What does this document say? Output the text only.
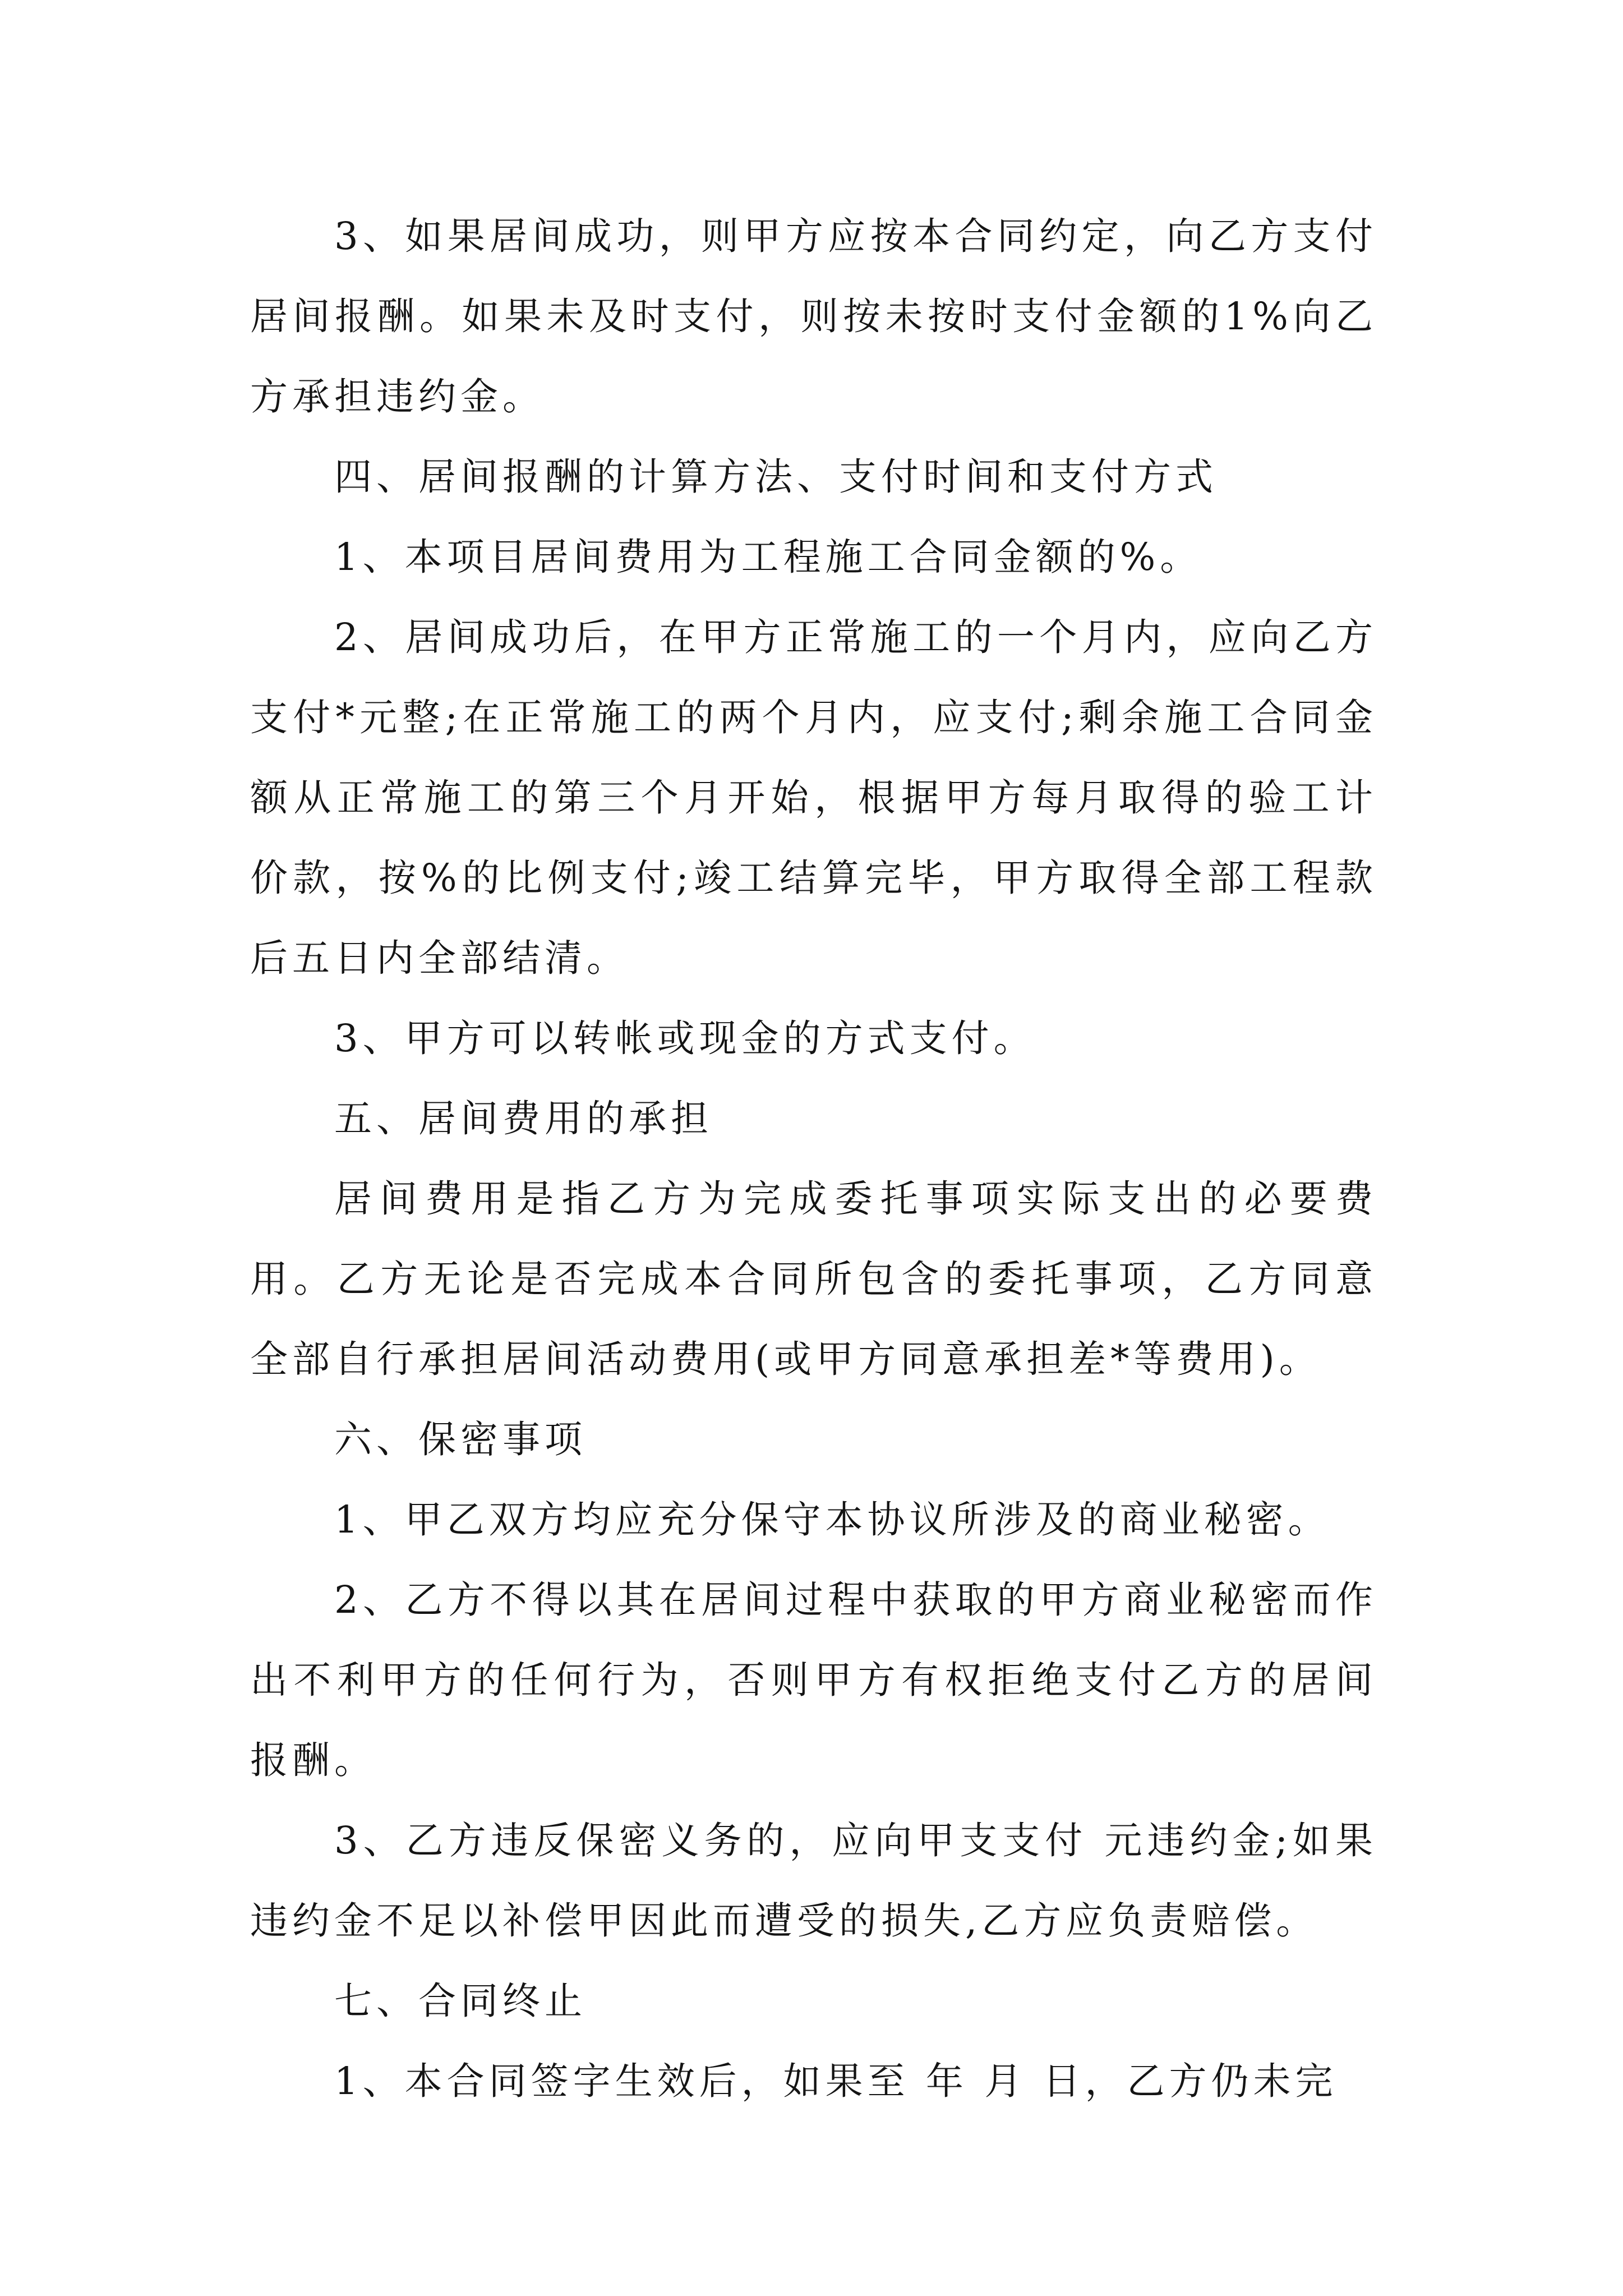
3、如果居间成功，则甲方应按本合同约定，向乙方支付居间报酬。如果未及时支付，则按未按时支付金额的1%向乙方承担违约金。

四、居间报酬的计算方法、支付时间和支付方式

1、本项目居间费用为工程施工合同金额的%。

2、居间成功后，在甲方正常施工的一个月内，应向乙方支付*元整;在正常施工的两个月内，应支付;剩余施工合同金额从正常施工的第三个月开始，根据甲方每月取得的验工计价款，按%的比例支付;竣工结算完毕，甲方取得全部工程款后五日内全部结清。

3、甲方可以转帐或现金的方式支付。

五、居间费用的承担

居间费用是指乙方为完成委托事项实际支出的必要费用。乙方无论是否完成本合同所包含的委托事项，乙方同意全部自行承担居间活动费用(或甲方同意承担差*等费用)。

六、保密事项

1、甲乙双方均应充分保守本协议所涉及的商业秘密。

2、乙方不得以其在居间过程中获取的甲方商业秘密而作出不利甲方的任何行为，否则甲方有权拒绝支付乙方的居间报酬。

3、乙方违反保密义务的，应向甲支支付 元违约金;如果违约金不足以补偿甲因此而遭受的损失,乙方应负责赔偿。

七、合同终止

1、本合同签字生效后，如果至 年 月 日，乙方仍未完
